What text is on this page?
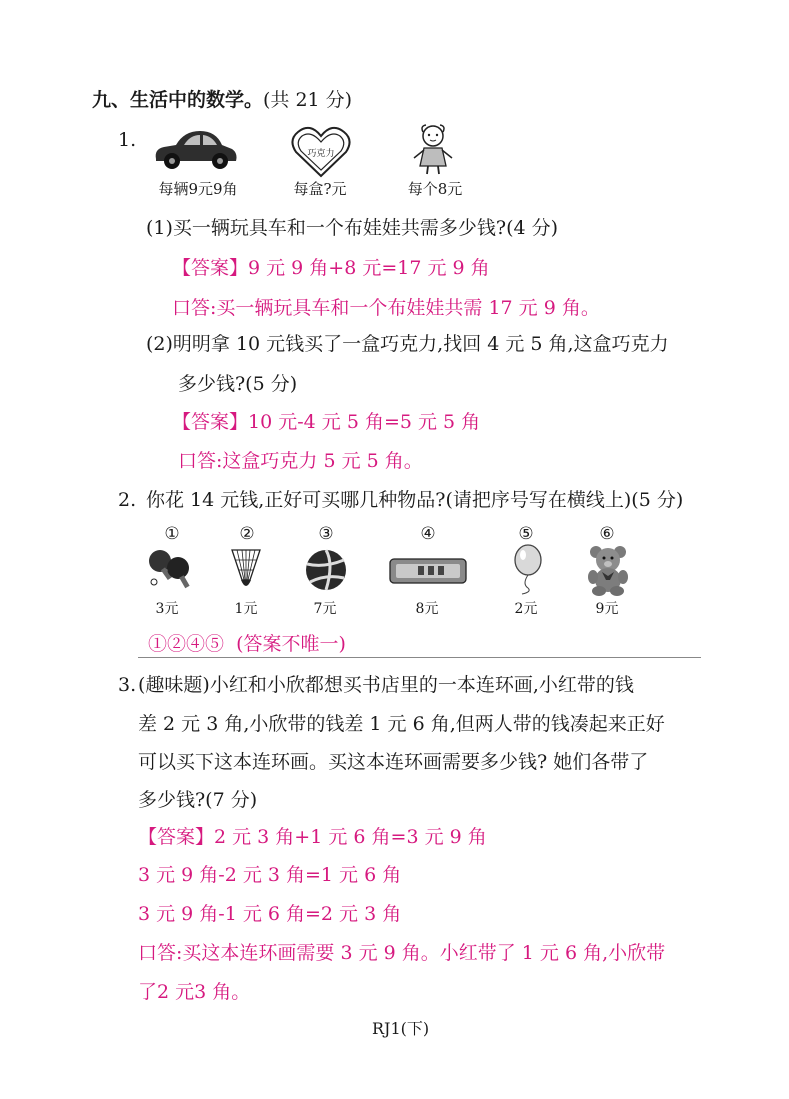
九、生活中的数学。(共 21 分)
1.
每辆9元9角
巧克力
每盒?元	每个8元
(1)买一辆玩具车和一个布娃娃共需多少钱?(4 分)
【答案】9 元 9 角+8 元=17 元 9 角
口答:买一辆玩具车和一个布娃娃共需 17 元 9 角。
(2)明明拿 10 元钱买了一盒巧克力,找回 4 元 5 角,这盒巧克力
多少钱?(5 分)
【答案】10 元-4 元 5 角=5 元 5 角
口答:这盒巧克力 5 元 5 角。
2. 你花 14 元钱,正好可买哪几种物品?(请把序号写在横线上)(5 分)
①	②	③	④	⑤	⑥
3元	1元	7元	8元	2元	9元
①②④⑤  (答案不唯一)
3. (趣味题)小红和小欣都想买书店里的一本连环画,小红带的钱
差 2 元 3 角,小欣带的钱差 1 元 6 角,但两人带的钱凑起来正好
可以买下这本连环画。买这本连环画需要多少钱? 她们各带了
多少钱?(7 分)
【答案】2 元 3 角+1 元 6 角=3 元 9 角
3 元 9 角-2 元 3 角=1 元 6 角
3 元 9 角-1 元 6 角=2 元 3 角
口答:买这本连环画需要 3 元 9 角。小红带了 1 元 6 角,小欣带
了2 元3 角。
RJ1(下)
